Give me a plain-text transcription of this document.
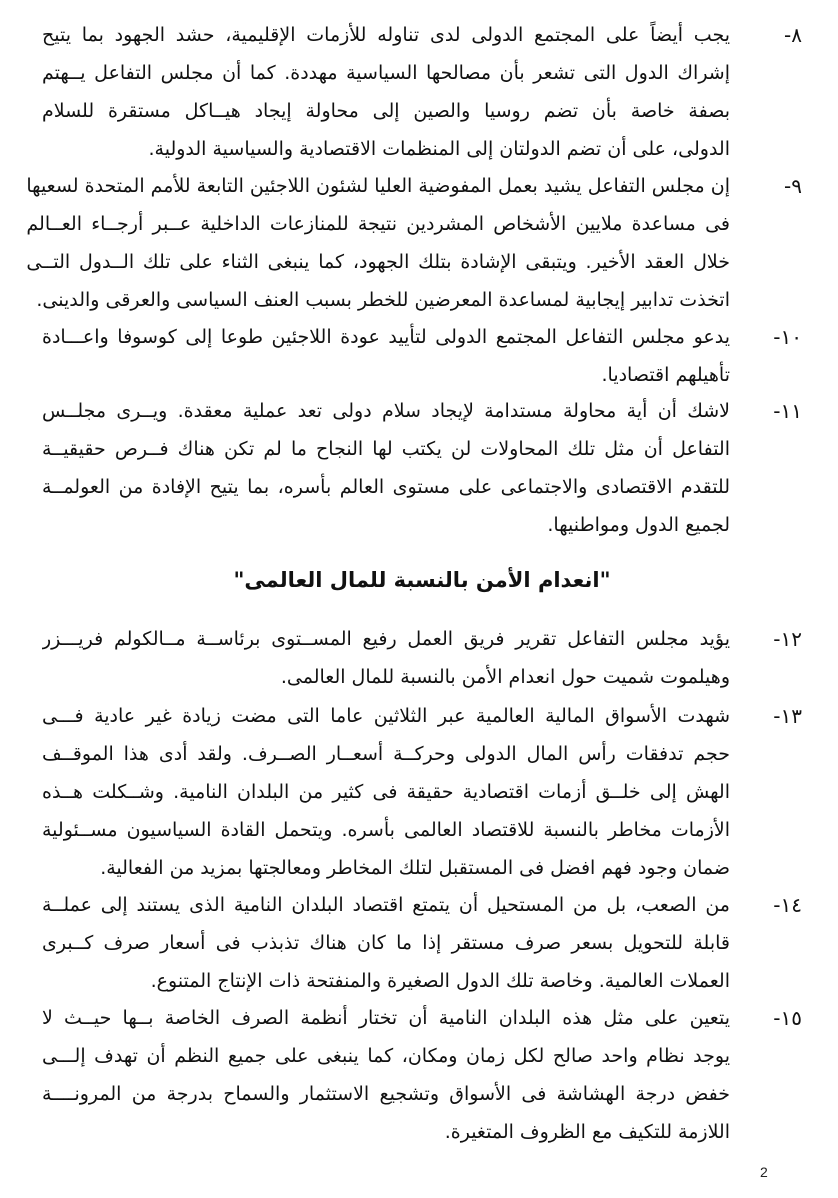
٨-
يجب أيضاً على المجتمع الدولى لدى تناوله للأزمات الإقليمية، حشد الجهود بما يتيح
إشراك الدول التى تشعر بأن مصالحها السياسية مهددة. كما أن مجلس التفاعل يــهتم
بصفة خاصة بأن تضم روسيا والصين إلى محاولة إيجاد هيــاكل مستقرة للسلام
الدولى، على أن تضم الدولتان إلى المنظمات الاقتصادية والسياسية الدولية.
٩-
إن مجلس التفاعل يشيد بعمل المفوضية العليا لشئون اللاجئين التابعة للأمم المتحدة لسعيها
فى مساعدة ملايين الأشخاص المشردين نتيجة للمنازعات الداخلية عــبر أرجــاء العــالم
خلال العقد الأخير. ويتبقى الإشادة بتلك الجهود، كما ينبغى الثناء على تلك الــدول التــى
اتخذت تدابير إيجابية لمساعدة المعرضين للخطر بسبب العنف السياسى والعرقى والدينى.
١٠-
يدعو مجلس التفاعل المجتمع الدولى لتأييد عودة اللاجئين طوعا إلى كوسوفا واعـــادة
تأهيلهم اقتصاديا.
١١-
لاشك أن أية محاولة مستدامة لإيجاد سلام دولى تعد عملية معقدة. ويــرى مجلــس
التفاعل أن مثل تلك المحاولات لن يكتب لها النجاح ما لم تكن هناك فــرص حقيقيــة
للتقدم الاقتصادى والاجتماعى على مستوى العالم بأسره، بما يتيح الإفادة من العولمــة
لجميع الدول ومواطنيها.
"انعدام الأمن بالنسبة للمال العالمى"
١٢-
يؤيد مجلس التفاعل تقرير فريق العمل رفيع المســتوى برئاســة مــالكولم فريـــزر
وهيلموت شميت حول انعدام الأمن بالنسبة للمال العالمى.
١٣-
شهدت الأسواق المالية العالمية عبر الثلاثين عاما التى مضت زيادة غير عادية فـــى
حجم تدفقات رأس المال الدولى وحركــة أسعــار الصــرف. ولقد أدى هذا الموقــف
الهش إلى خلــق أزمات اقتصادية حقيقة فى كثير من البلدان النامية. وشــكلت هــذه
الأزمات مخاطر بالنسبة للاقتصاد العالمى بأسره. ويتحمل القادة السياسيون مســئولية
ضمان وجود فهم افضل فى المستقبل لتلك المخاطر ومعالجتها بمزيد من الفعالية.
١٤-
من الصعب، بل من المستحيل أن يتمتع اقتصاد البلدان النامية الذى يستند إلى عملــة
قابلة للتحويل بسعر صرف مستقر إذا ما كان هناك تذبذب فى أسعار صرف كــبرى
العملات العالمية. وخاصة تلك الدول الصغيرة والمنفتحة ذات الإنتاج المتنوع.
١٥-
يتعين على مثل هذه البلدان النامية أن تختار أنظمة الصرف الخاصة بــها حيــث لا
يوجد نظام واحد صالح لكل زمان ومكان، كما ينبغى على جميع النظم أن تهدف إلـــى
خفض درجة الهشاشة فى الأسواق وتشجيع الاستثمار والسماح بدرجة من المرونــــة
اللازمة للتكيف مع الظروف المتغيرة.
2
